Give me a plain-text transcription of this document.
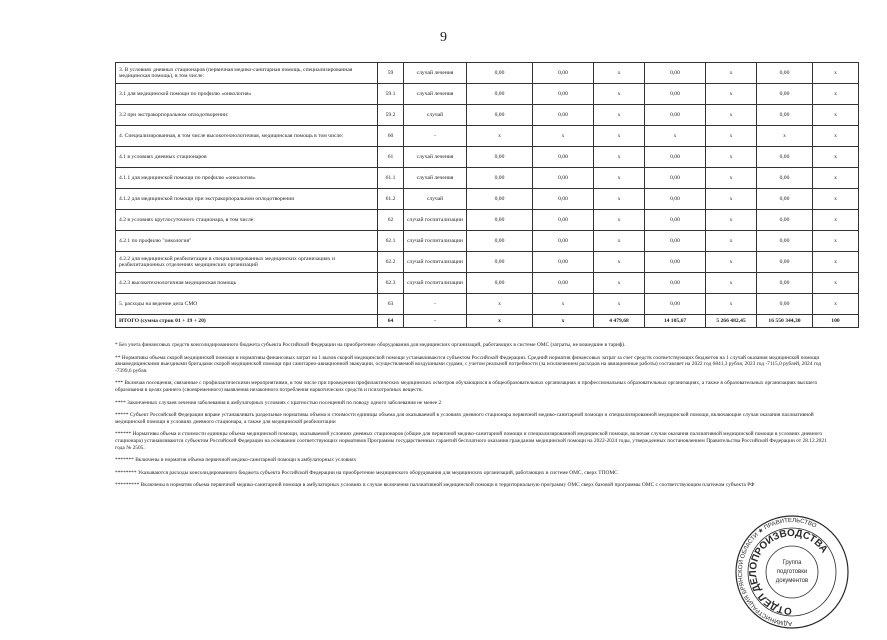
9
3. В условиях дневных стационаров (первичная медико-санитарная помощь, специализированная медицинская помощь), в том числе:	59	случай лечения	0,00	0,00	x	0,00	x	0,00	x
3.1 для медицинской помощи по профилю «онкология»	59.1	случай лечения	0,00	0,00	x	0,00	x	0,00	x
3.2 при экстракорпоральном оплодотворении:	59.2	случай	0,00	0,00	x	0,00	x	0,00	x
4. Специализированная, в том числе высокотехнологичная, медицинская помощь в том числе:	60	-	x	x	x	x	x	x	x
4.1 в условиях дневных стационаров	61	случай лечения	0,00	0,00	x	0,00	x	0,00	x
4.1.1 для медицинской помощи по профилю «онкология»	61.1	случай лечения	0,00	0,00	x	0,00	x	0,00	x
4.1.2 для медицинской помощи при экстракорпоральном оплодотворении	61.2	случай	0,00	0,00	x	0,00	x	0,00	x
4.2 в условиях круглосуточного стационара, в том числе:	62	случай госпитализации	0,00	0,00	x	0,00	x	0,00	x
4.2.1 по профилю "онкология"	62.1	случай госпитализации	0,00	0,00	x	0,00	x	0,00	x
4.2.2 для медицинской реабилитации в специализированных медицинских организациях и реабилитационных отделениях медицинских организаций	62.2	случай госпитализации	0,00	0,00	x	0,00	x	0,00	x
4.2.3 высокотехнологичная медицинская помощь	62.3	случай госпитализации	0,00	0,00	x	0,00	x	0,00	x
5. расходы на ведение дела СМО	63	-	x	x	x	0,00	x	0,00	x
ИТОГО (сумма строк 01 + 19 + 20)	64	-	x	x	4 479,68	14 105,67	5 266 482,45	16 550 344,30	100
* Без учета финансовых средств консолидированного бюджета субъекта Российской Федерации на приобретение оборудования для медицинских организаций, работающих в системе ОМС (затраты, не вошедшие в тариф).
** Нормативы объема скорой медицинской помощи и нормативы финансовых затрат на 1 вызов скорой медицинской помощи устанавливаются субъектом Российской Федерации. Средний норматив финансовых затрат за счет средств соответствующих бюджетов на 1 случай оказания медицинской помощи авиамедицинскими выездными бригадами скорой медицинской помощи при санитарно-авиационной эвакуации, осуществляемой воздушными судами, с учетом реальной потребности (за исключением расходов на авиационные работы) составляет на 2022 год 6841,3 рубля, 2023 год -7115,0 рублей, 2024 год -7399,6 рубля.
*** Включая посещения, связанные с профилактическими мероприятиями, в том числе при проведении профилактических медицинских осмотров обучающихся в общеобразовательных организациях и профессиональных образовательных организациях, а также в образовательных организациях высшего образования в целях раннего (своевременного) выявления незаконного потребления наркотических средств и психотропных веществ.
**** Законченных случаев лечения заболевания в амбулаторных условиях с кратностью посещений по поводу одного заболевания не менее 2
***** Субъект Российской Федерации вправе устанавливать раздельные нормативы объема и стоимости единицы объема для оказываемой в условиях дневного стационара первичной медико-санитарной помощи и специализированной медицинской помощи, включающие случаи оказания паллиативной медицинской помощи в условиях дневного стационара, а также для медицинской реабилитации
****** Нормативы объема и стоимости единицы объема медицинской помощи, оказываемой условиях дневных стационаров (общие для первичной медико-санитарной помощи и специализированной медицинской помощи, включая случаи оказания паллиативной медицинской помощи в условиях дневного стационара) устанавливаются субъектом Российской Федерации на основании соответствующих нормативов Программы государственных гарантий бесплатного оказания гражданам медицинской помощи на 2022-2024 годы, утвержденных постановлением Правительства Российской Федерации от 28.12.2021 года № 2505.
******* Включены в норматив объема первичной медико-санитарной помощи в амбулаторных условиях
******** Указываются расходы консолидированного бюджета субъекта Российской Федерации на приобретение медицинского оборудования для медицинских организаций, работающих в системе ОМС, сверх ТПОМС
********* Включены в норматив объема первичной медико-санитарной помощи в амбулаторных условиях в случае включения паллиативной медицинской помощи в территориальную программу ОМС сверх базовой программы ОМС с соответствующим платежом субъекта РФ
АДМИНИСТРАЦИЯ БРЯНСКОЙ ОБЛАСТИ ★ ПРАВИТЕЛЬСТВО
ОТДЕЛ ДЕЛОПРОИЗВОДСТВА
Группа
подготовки
документов
